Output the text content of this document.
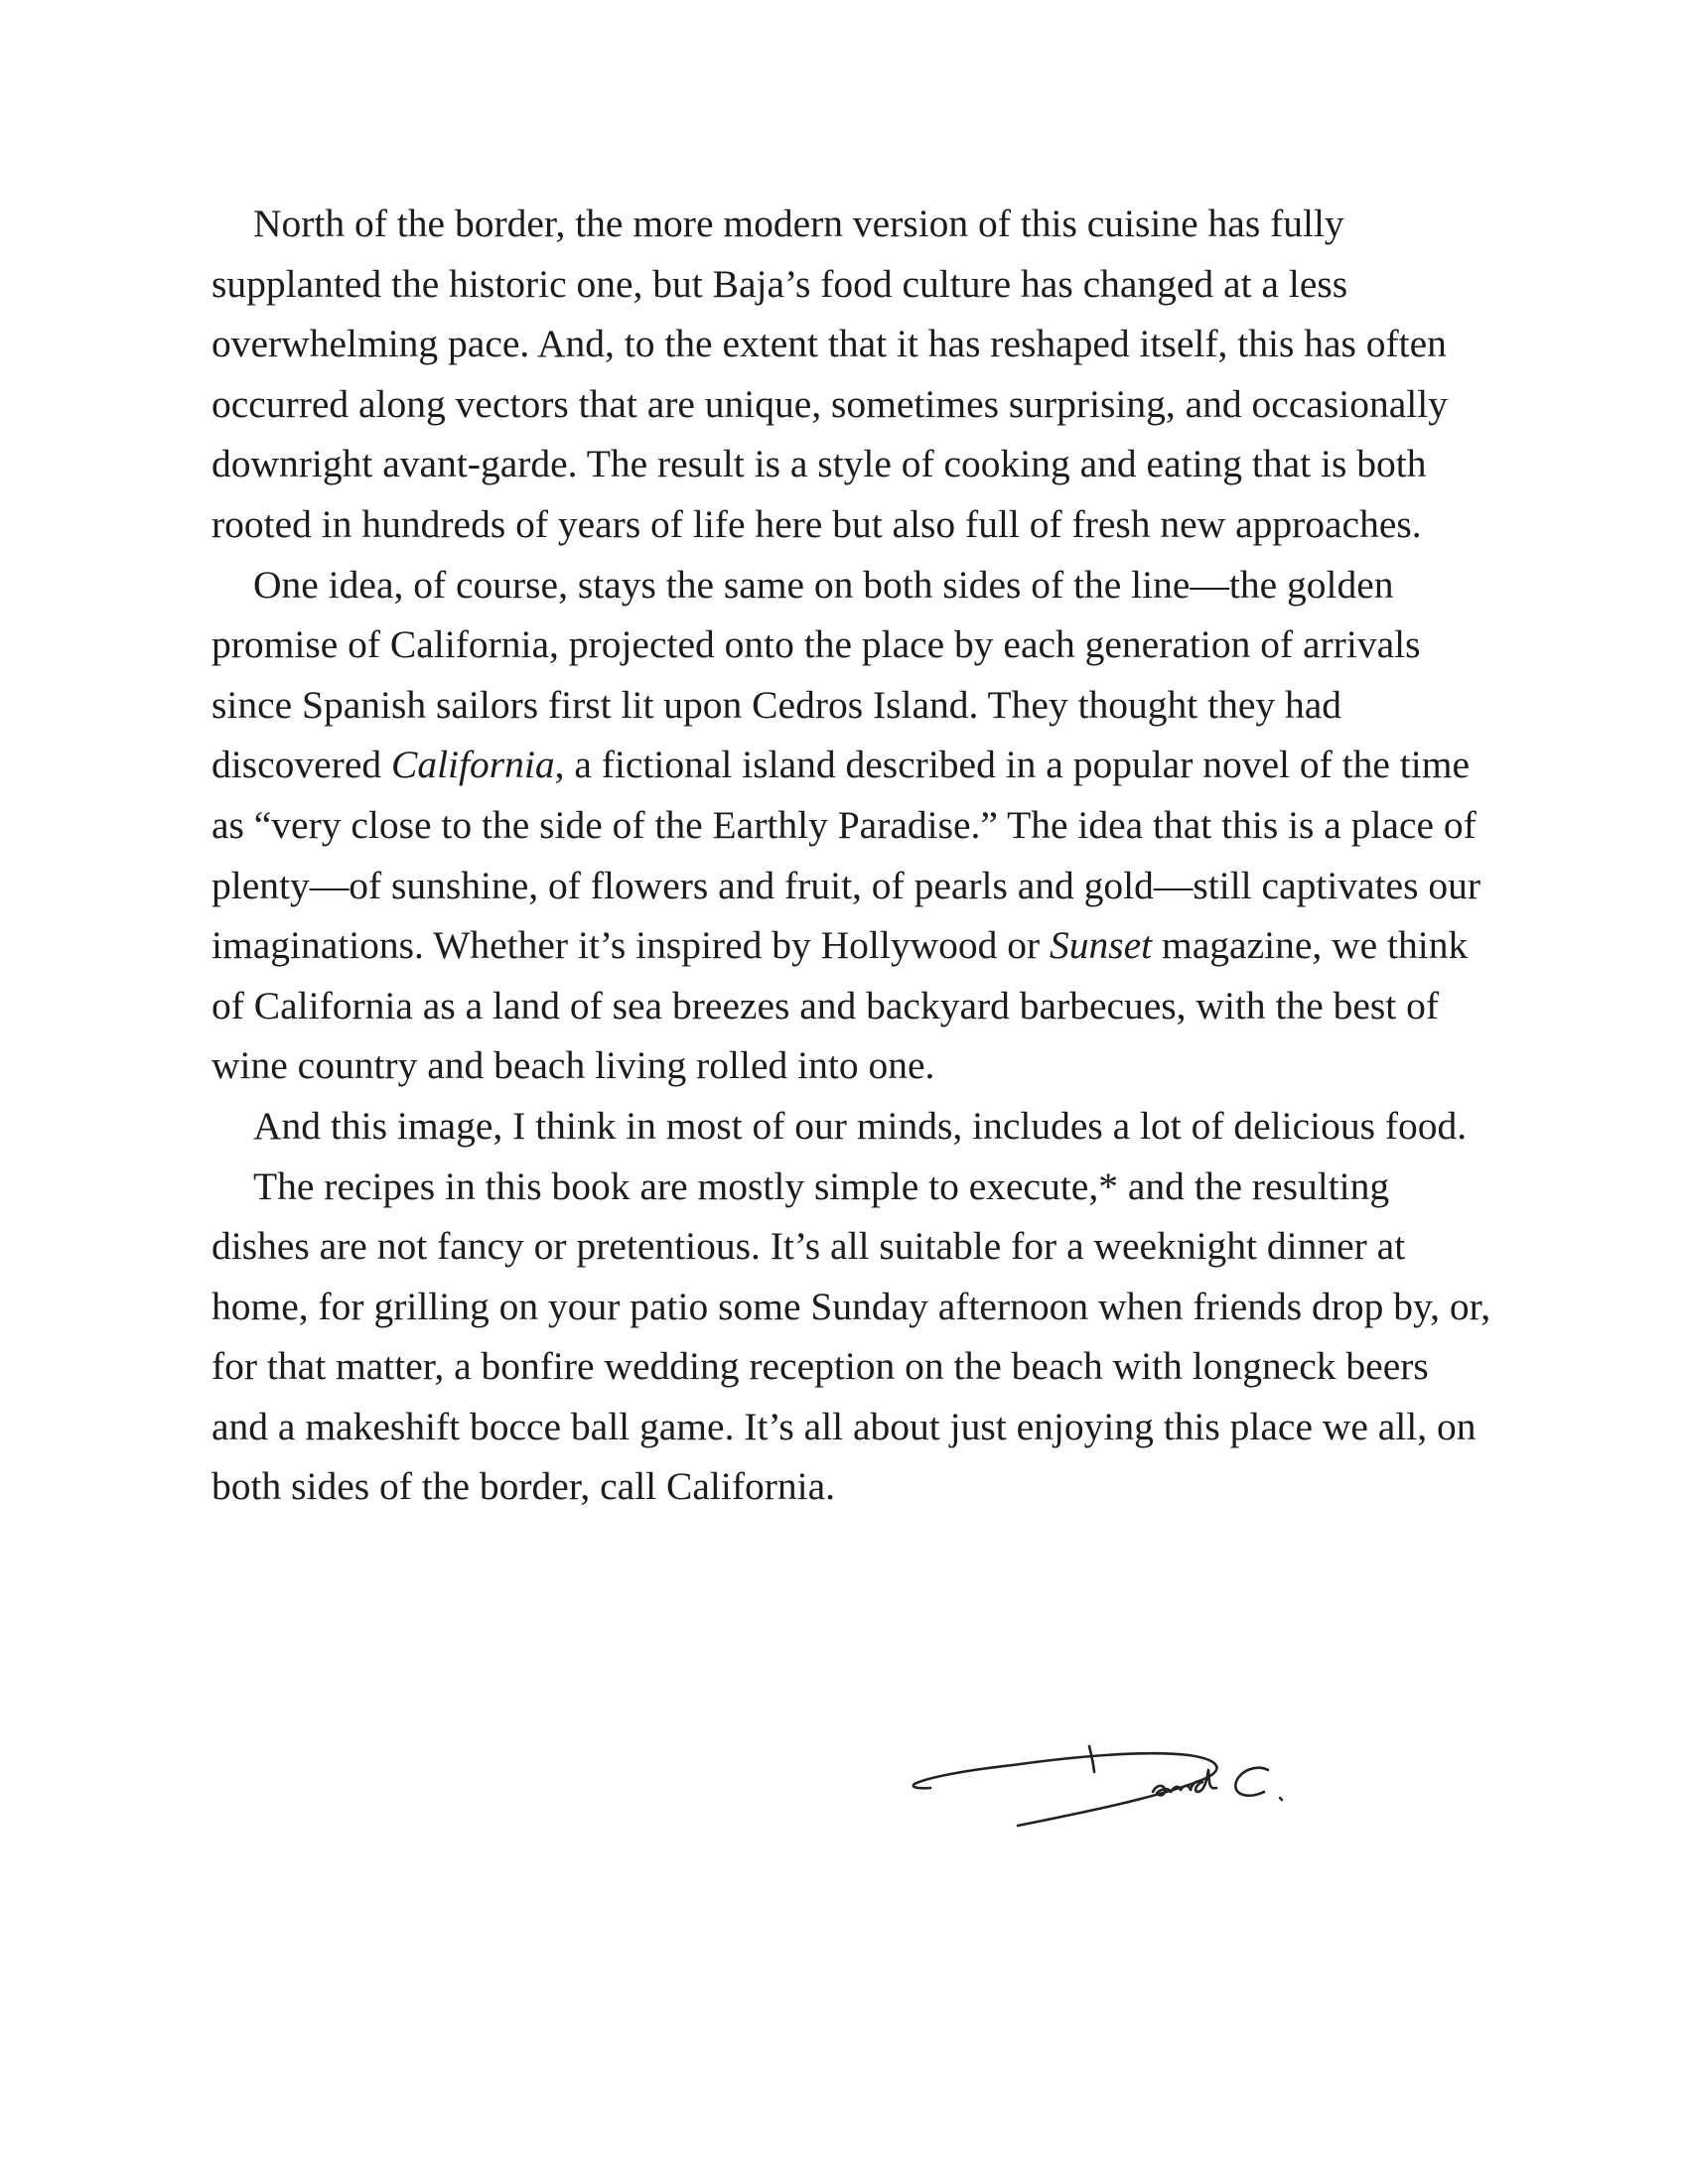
North of the border, the more modern version of this cuisine has fully supplanted the historic one, but Baja’s food culture has changed at a less overwhelming pace. And, to the extent that it has reshaped itself, this has often occurred along vectors that are unique, sometimes surprising, and occasionally downright avant-garde. The result is a style of cooking and eating that is both rooted in hundreds of years of life here but also full of fresh new approaches.

One idea, of course, stays the same on both sides of the line—the golden promise of California, projected onto the place by each generation of arrivals since Spanish sailors first lit upon Cedros Island. They thought they had discovered California, a fictional island described in a popular novel of the time as “very close to the side of the Earthly Paradise.” The idea that this is a place of plenty—of sunshine, of flowers and fruit, of pearls and gold—still captivates our imaginations. Whether it’s inspired by Hollywood or Sunset magazine, we think of California as a land of sea breezes and backyard barbecues, with the best of wine country and beach living rolled into one.

And this image, I think in most of our minds, includes a lot of delicious food.

The recipes in this book are mostly simple to execute,* and the resulting dishes are not fancy or pretentious. It’s all suitable for a weeknight dinner at home, for grilling on your patio some Sunday afternoon when friends drop by, or, for that matter, a bonfire wedding reception on the beach with longneck beers and a makeshift bocce ball game. It’s all about just enjoying this place we all, on both sides of the border, call California.
